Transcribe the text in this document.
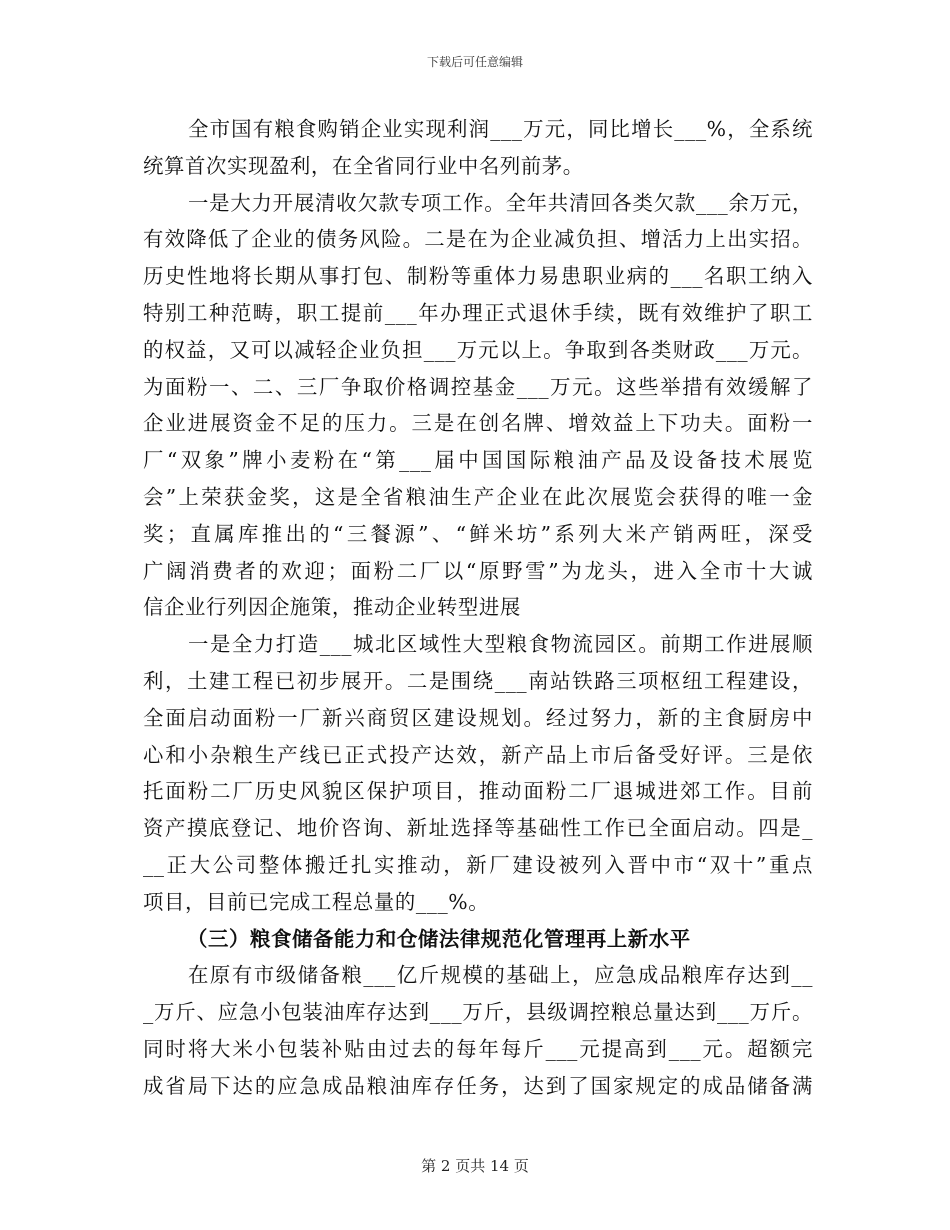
下载后可任意编辑
全市国有粮食购销企业实现利润___万元，同比增长___%，全系统
统算首次实现盈利，在全省同行业中名列前茅。
一是大力开展清收欠款专项工作。全年共清回各类欠款___余万元，
有效降低了企业的债务风险。二是在为企业减负担、增活力上出实招。
历史性地将长期从事打包、制粉等重体力易患职业病的___名职工纳入
特别工种范畴，职工提前___年办理正式退休手续，既有效维护了职工
的权益，又可以减轻企业负担___万元以上。争取到各类财政___万元。
为面粉一、二、三厂争取价格调控基金___万元。这些举措有效缓解了
企业进展资金不足的压力。三是在创名牌、增效益上下功夫。面粉一
厂“双象”牌小麦粉在“第___届中国国际粮油产品及设备技术展览
会”上荣获金奖，这是全省粮油生产企业在此次展览会获得的唯一金
奖；直属库推出的“三餐源”、“鲜米坊”系列大米产销两旺，深受
广阔消费者的欢迎；面粉二厂以“原野雪”为龙头，进入全市十大诚
信企业行列因企施策，推动企业转型进展
一是全力打造___城北区域性大型粮食物流园区。前期工作进展顺
利，土建工程已初步展开。二是围绕___南站铁路三项枢纽工程建设，
全面启动面粉一厂新兴商贸区建设规划。经过努力，新的主食厨房中
心和小杂粮生产线已正式投产达效，新产品上市后备受好评。三是依
托面粉二厂历史风貌区保护项目，推动面粉二厂退城进郊工作。目前
资产摸底登记、地价咨询、新址选择等基础性工作已全面启动。四是_
__正大公司整体搬迁扎实推动，新厂建设被列入晋中市“双十”重点
项目，目前已完成工程总量的___%。
（三）粮食储备能力和仓储法律规范化管理再上新水平
在原有市级储备粮___亿斤规模的基础上，应急成品粮库存达到__
_万斤、应急小包装油库存达到___万斤，县级调控粮总量达到___万斤。
同时将大米小包装补贴由过去的每年每斤___元提高到___元。超额完
成省局下达的应急成品粮油库存任务，达到了国家规定的成品储备满
第 2 页共 14 页
